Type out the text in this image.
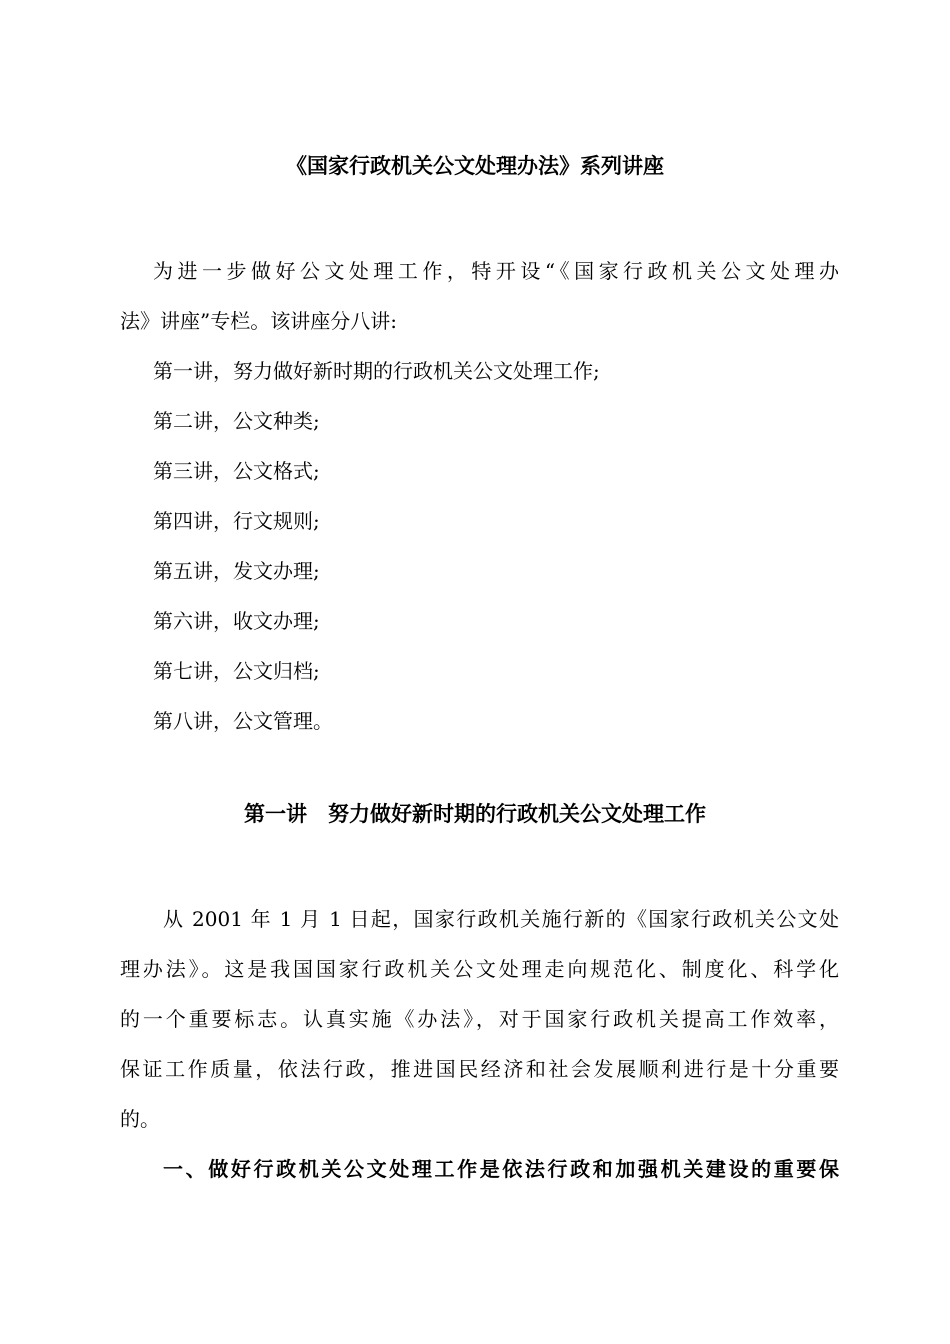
《国家行政机关公文处理办法》系列讲座
为进一步做好公文处理工作，特开设“《国家行政机关公文处理办
法》讲座”专栏。该讲座分八讲:
第一讲，努力做好新时期的行政机关公文处理工作;
第二讲，公文种类;
第三讲，公文格式;
第四讲，行文规则;
第五讲，发文办理;
第六讲，收文办理;
第七讲，公文归档;
第八讲，公文管理。
第一讲　努力做好新时期的行政机关公文处理工作
从 2001 年 1 月 1 日起，国家行政机关施行新的《国家行政机关公文处
理办法》。这是我国国家行政机关公文处理走向规范化、制度化、科学化
的一个重要标志。认真实施《办法》，对于国家行政机关提高工作效率，
保证工作质量，依法行政，推进国民经济和社会发展顺利进行是十分重要
的。
一、做好行政机关公文处理工作是依法行政和加强机关建设的重要保
